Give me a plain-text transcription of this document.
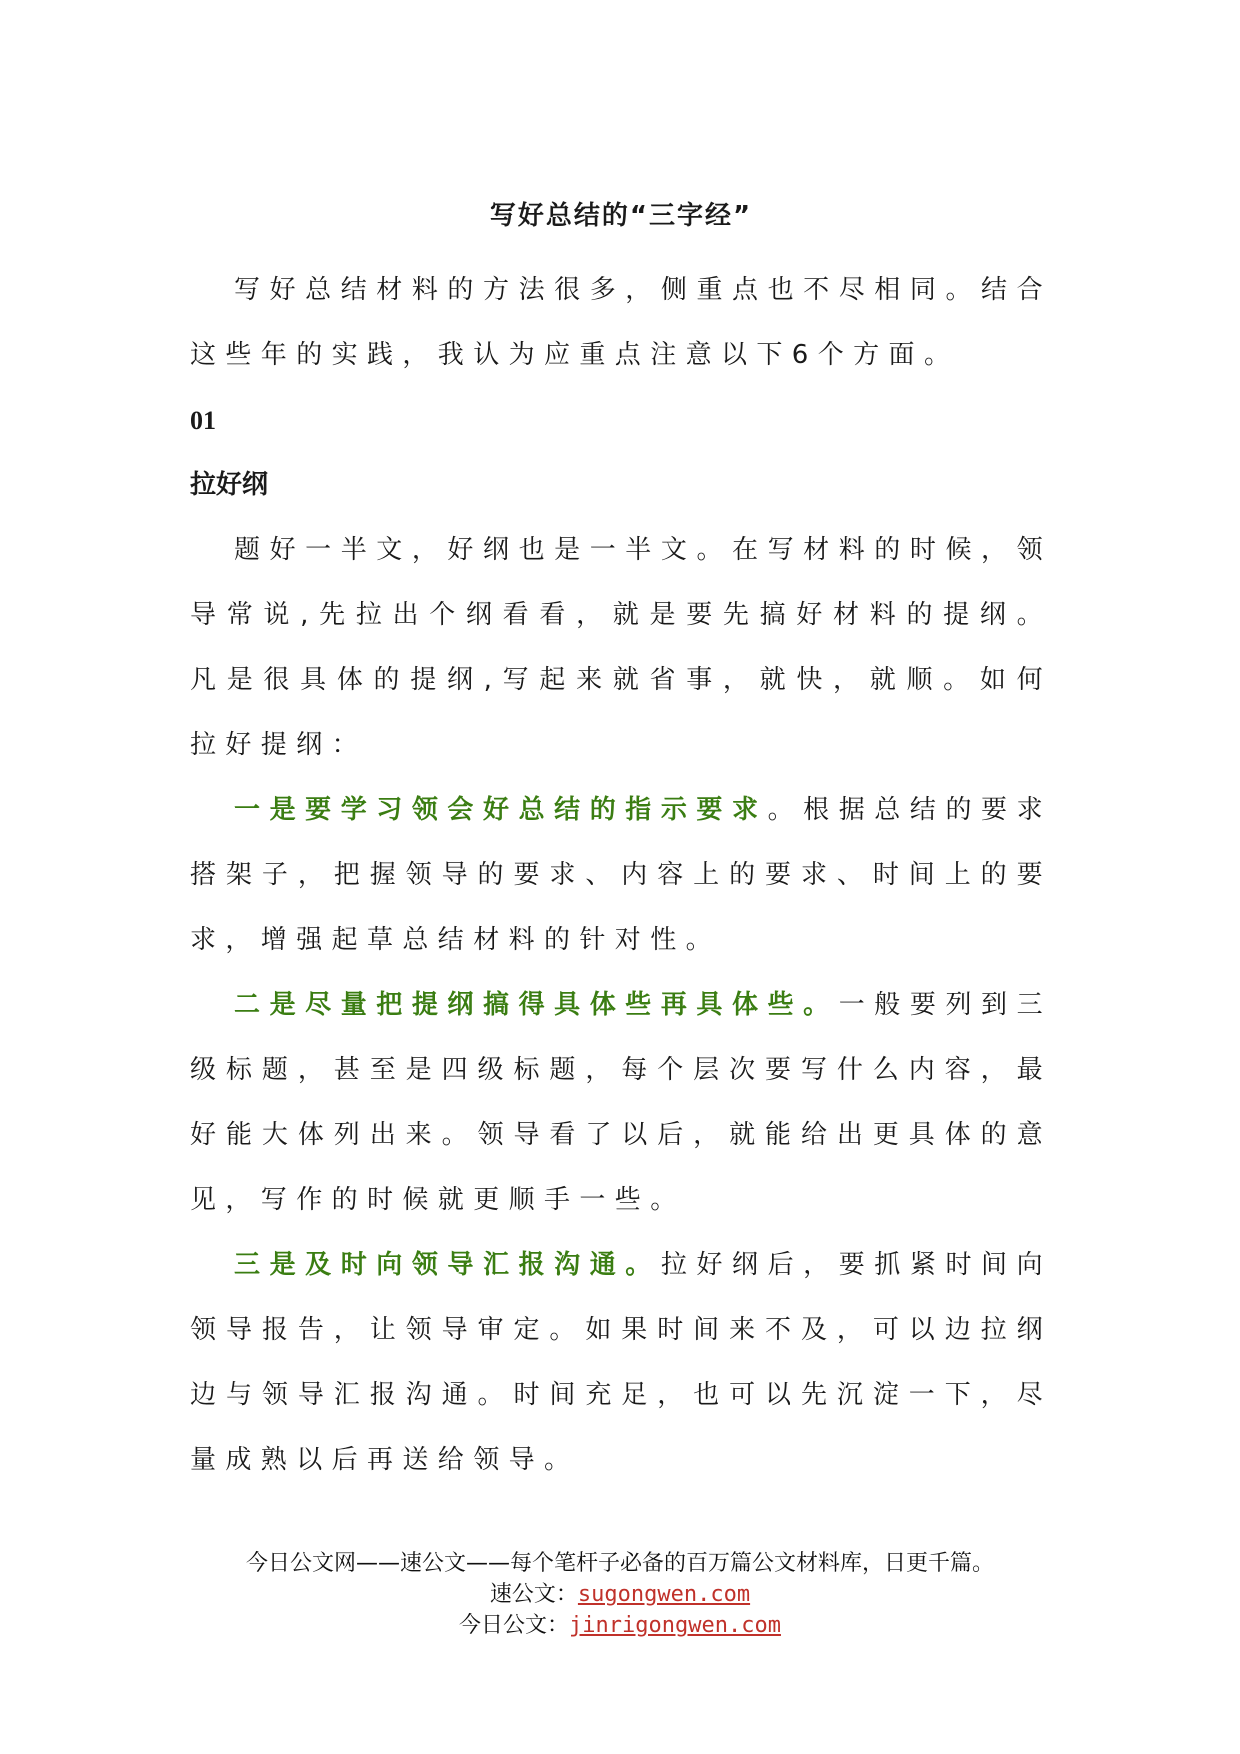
写好总结的“三字经”

写好总结材料的方法很多，侧重点也不尽相同。结合这些年的实践，我认为应重点注意以下6个方面。

01

拉好纲

题好一半文，好纲也是一半文。在写材料的时候，领导常说,先拉出个纲看看，就是要先搞好材料的提纲。凡是很具体的提纲,写起来就省事，就快，就顺。如何拉好提纲：

一是要学习领会好总结的指示要求。根据总结的要求搭架子，把握领导的要求、内容上的要求、时间上的要求，增强起草总结材料的针对性。

二是尽量把提纲搞得具体些再具体些。一般要列到三级标题，甚至是四级标题，每个层次要写什么内容，最好能大体列出来。领导看了以后，就能给出更具体的意见，写作的时候就更顺手一些。

三是及时向领导汇报沟通。拉好纲后，要抓紧时间向领导报告，让领导审定。如果时间来不及，可以边拉纲边与领导汇报沟通。时间充足，也可以先沉淀一下，尽量成熟以后再送给领导。

今日公文网——速公文——每个笔杆子必备的百万篇公文材料库，日更千篇。
速公文：sugongwen.com
今日公文：jinrigongwen.com
